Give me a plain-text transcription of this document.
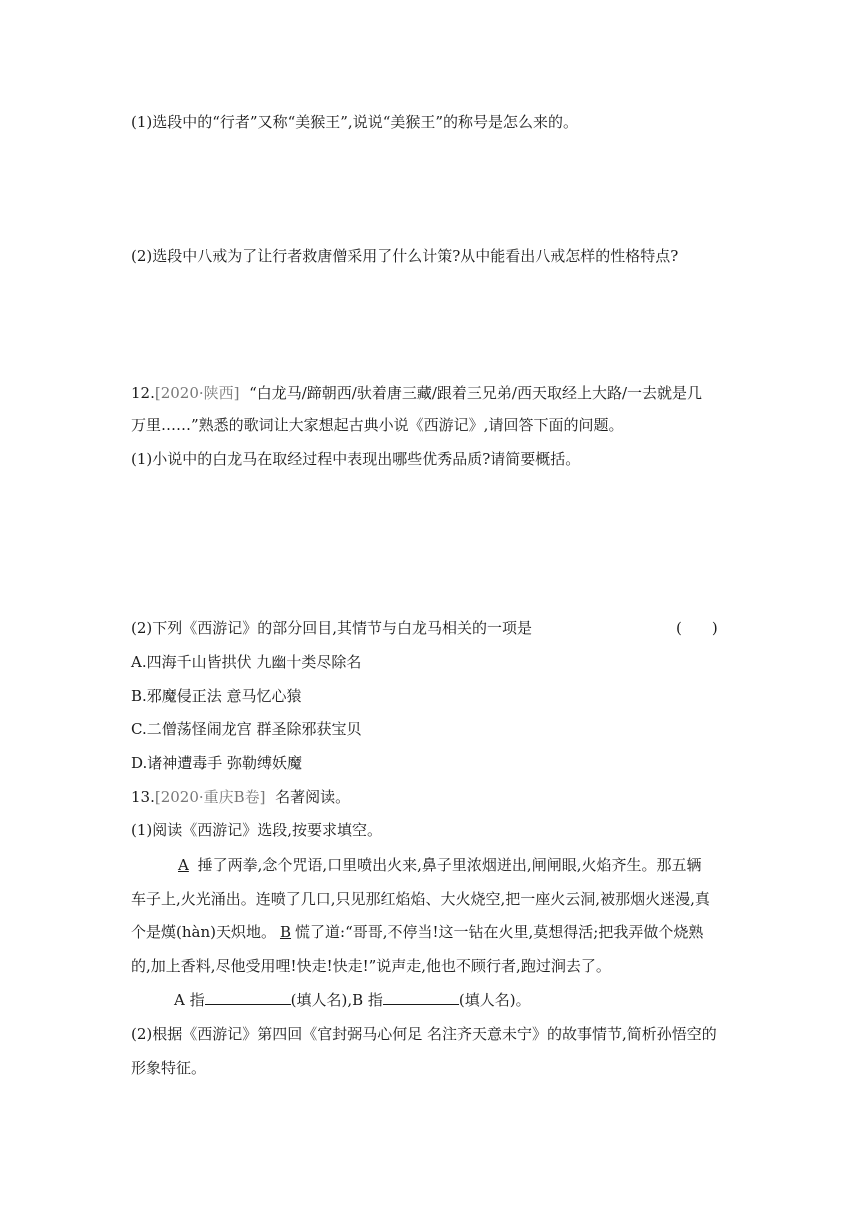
(1)选段中的“行者”又称“美猴王”,说说“美猴王”的称号是怎么来的。
(2)选段中八戒为了让行者救唐僧采用了什么计策?从中能看出八戒怎样的性格特点?
12.[2020·陕西] “白龙马/蹄朝西/驮着唐三藏/跟着三兄弟/西天取经上大路/一去就是几
万里……”熟悉的歌词让大家想起古典小说《西游记》,请回答下面的问题。
(1)小说中的白龙马在取经过程中表现出哪些优秀品质?请简要概括。
(2)下列《西游记》的部分回目,其情节与白龙马相关的一项是	(　　)
A.四海千山皆拱伏 九幽十类尽除名
B.邪魔侵正法 意马忆心猿
C.二僧荡怪闹龙宫 群圣除邪获宝贝
D.诸神遭毒手 弥勒缚妖魔
13.[2020·重庆B卷] 名著阅读。
(1)阅读《西游记》选段,按要求填空。
A 捶了两拳,念个咒语,口里喷出火来,鼻子里浓烟迸出,闸闸眼,火焰齐生。那五辆
车子上,火光涌出。连喷了几口,只见那红焰焰、大火烧空,把一座火云洞,被那烟火迷漫,真
个是熯(hàn)天炽地。 B 慌了道:“哥哥,不停当!这一钻在火里,莫想得活;把我弄做个烧熟
的,加上香料,尽他受用哩!快走!快走!”说声走,他也不顾行者,跑过涧去了。
A 指	(填人名),B 指	(填人名)。
(2)根据《西游记》第四回《官封弼马心何足 名注齐天意未宁》的故事情节,简析孙悟空的
形象特征。
